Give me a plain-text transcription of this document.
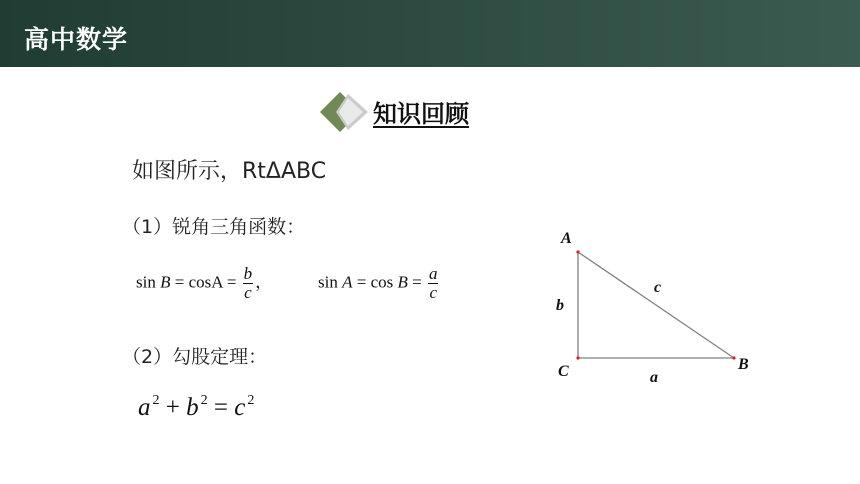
高中数学
知识回顾
如图所示，RtΔABC
（1）锐角三角函数：
$\sin B = \cos A = \frac{b}{c}$ ，	$\sin A = \cos B = \frac{a}{c}$
（2）勾股定理：
a $^2$ + b $^2$ = c $^2$
A
B
C
b
a
c
